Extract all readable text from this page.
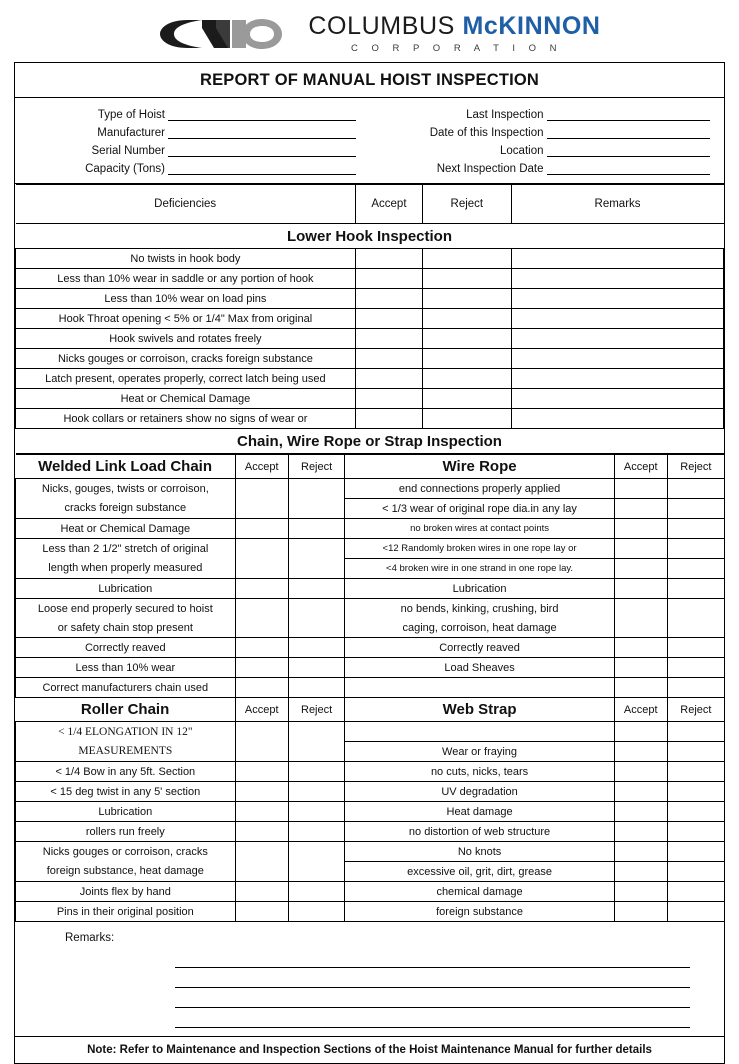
COLUMBUS McKINNON
C O R P O R A T I O N
REPORT OF MANUAL HOIST INSPECTION
Type of Hoist
Manufacturer
Serial Number
Capacity (Tons)
Last Inspection
Date of this Inspection
Location
Next Inspection Date
Deficiencies	Accept	Reject	Remarks
Lower Hook Inspection			
No twists in hook body			
Less than 10% wear in saddle or any portion of hook			
Less than 10% wear on load pins			
Hook Throat opening < 5% or 1/4" Max from original			
Hook swivels and rotates freely			
Nicks gouges or corroison, cracks foreign substance			
Latch present, operates properly, correct latch being used			
Heat or Chemical Damage			
Hook collars or retainers show no signs of wear or			
Chain, Wire Rope or Strap Inspection			
Welded Link Load Chain	Accept	Reject	Wire Rope	Accept	Reject
Nicks, gouges, twists or corroison,			end connections properly applied		
cracks foreign substance			< 1/3 wear of original rope dia.in any lay		
Heat or Chemical Damage			no broken wires at contact points		
Less than 2 1/2" stretch of original			<12 Randomly broken wires in one rope lay or		
length when properly measured			<4 broken wire in one strand in one rope lay.		
Lubrication			Lubrication		
Loose end properly secured to hoist			no bends, kinking, crushing, bird		
or safety chain stop present			caging, corroison, heat damage		
Correctly reaved			Correctly reaved		
Less than 10% wear			Load Sheaves		
Correct manufacturers chain used					
Roller Chain	Accept	Reject	Web Strap	Accept	Reject
< 1/4 ELONGATION IN 12"					
MEASUREMENTS			Wear or fraying		
< 1/4 Bow in any 5ft. Section			no cuts, nicks, tears		
< 15 deg twist in any 5' section			UV degradation		
Lubrication			Heat damage		
rollers run freely			no distortion of web structure		
Nicks gouges or corroison, cracks			No knots		
foreign substance, heat damage			excessive oil, grit, dirt, grease		
Joints flex by hand			chemical damage		
Pins in their original position			foreign substance		
Remarks:
Note: Refer to Maintenance and Inspection Sections of the Hoist Maintenance Manual for further details
